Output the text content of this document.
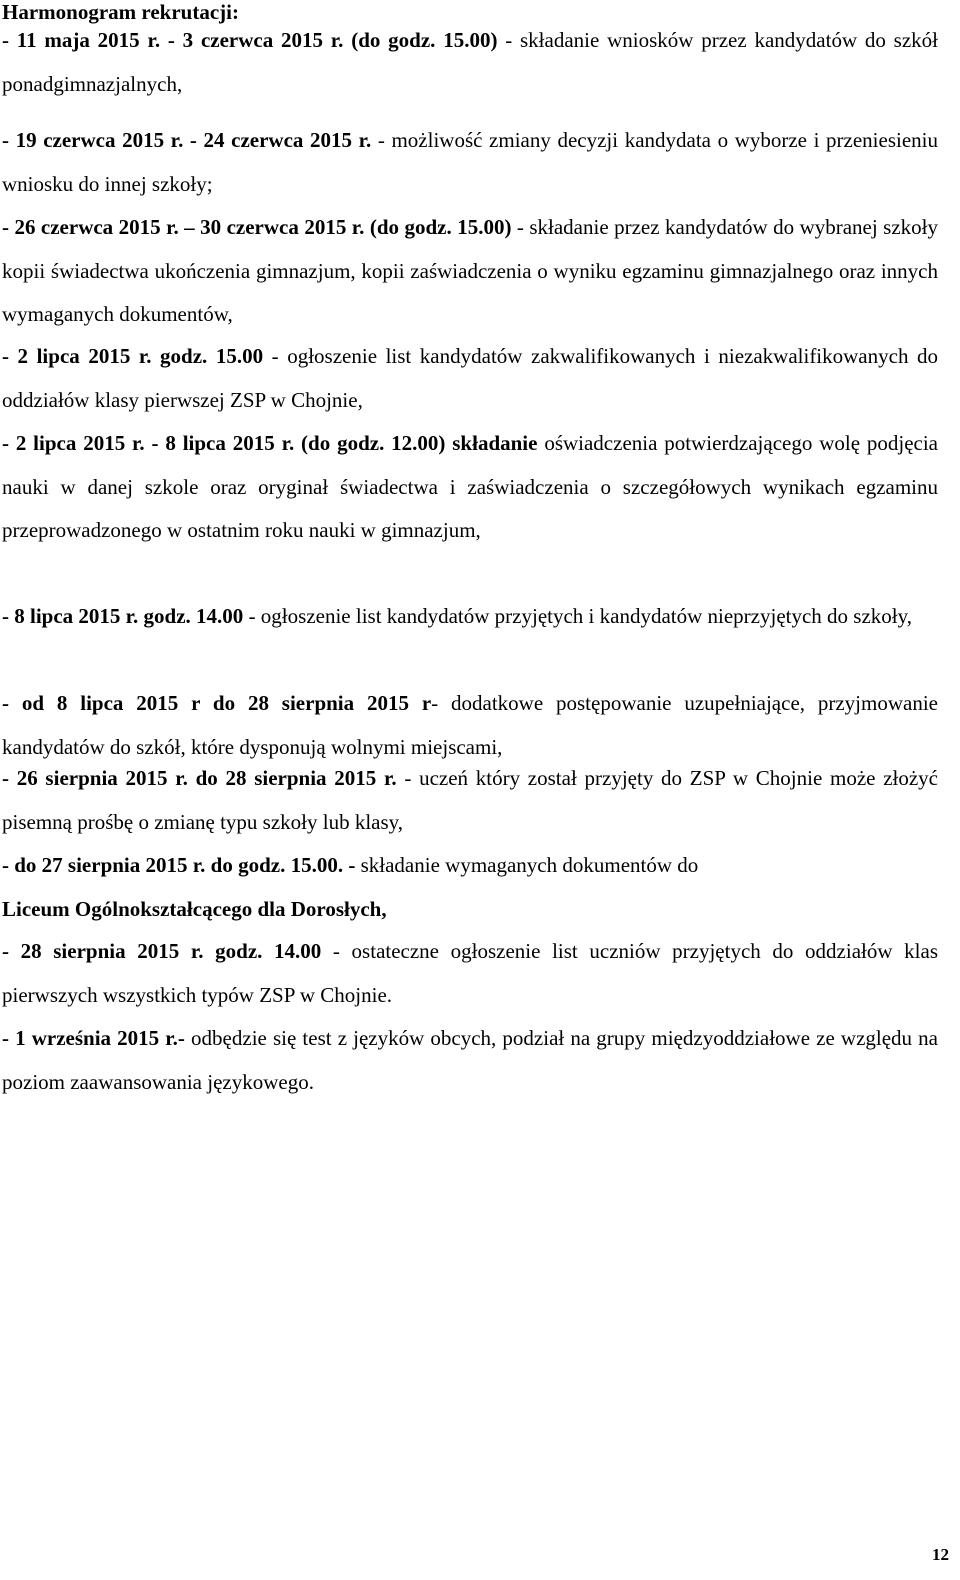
Harmonogram rekrutacji:
- 11 maja 2015 r. - 3 czerwca 2015 r. (do godz. 15.00) - składanie wniosków przez kandydatów do szkół ponadgimnazjalnych,
- 19 czerwca 2015 r. - 24 czerwca 2015 r. - możliwość zmiany decyzji kandydata o wyborze i przeniesieniu wniosku do innej szkoły;
- 26 czerwca 2015 r. – 30 czerwca 2015 r. (do godz. 15.00) - składanie przez kandydatów do wybranej szkoły kopii świadectwa ukończenia gimnazjum, kopii zaświadczenia o wyniku egzaminu gimnazjalnego oraz innych wymaganych dokumentów,
- 2 lipca 2015 r. godz. 15.00 - ogłoszenie list kandydatów zakwalifikowanych i niezakwalifikowanych do oddziałów klasy pierwszej ZSP w Chojnie,
- 2 lipca 2015 r. - 8 lipca 2015 r. (do godz. 12.00) składanie oświadczenia potwierdzającego wolę podjęcia nauki w danej szkole oraz oryginał świadectwa i zaświadczenia o szczegółowych wynikach egzaminu przeprowadzonego w ostatnim roku nauki w gimnazjum,
- 8 lipca 2015 r. godz. 14.00 - ogłoszenie list kandydatów przyjętych i kandydatów nieprzyjętych do szkoły,
- od 8 lipca 2015 r do 28 sierpnia 2015 r- dodatkowe postępowanie uzupełniające, przyjmowanie kandydatów do szkół, które dysponują wolnymi miejscami,
- 26 sierpnia 2015 r. do 28 sierpnia 2015 r. - uczeń który został przyjęty do ZSP w Chojnie może złożyć pisemną prośbę o zmianę typu szkoły lub klasy,
- do 27 sierpnia 2015 r. do godz. 15.00. - składanie wymaganych dokumentów do
Liceum Ogólnokształcącego dla Dorosłych,
- 28 sierpnia 2015 r. godz. 14.00 - ostateczne ogłoszenie list uczniów przyjętych do oddziałów klas pierwszych wszystkich typów ZSP w Chojnie.
- 1 września 2015 r.- odbędzie się test z języków obcych, podział na grupy międzyoddziałowe ze względu na poziom zaawansowania językowego.
12
